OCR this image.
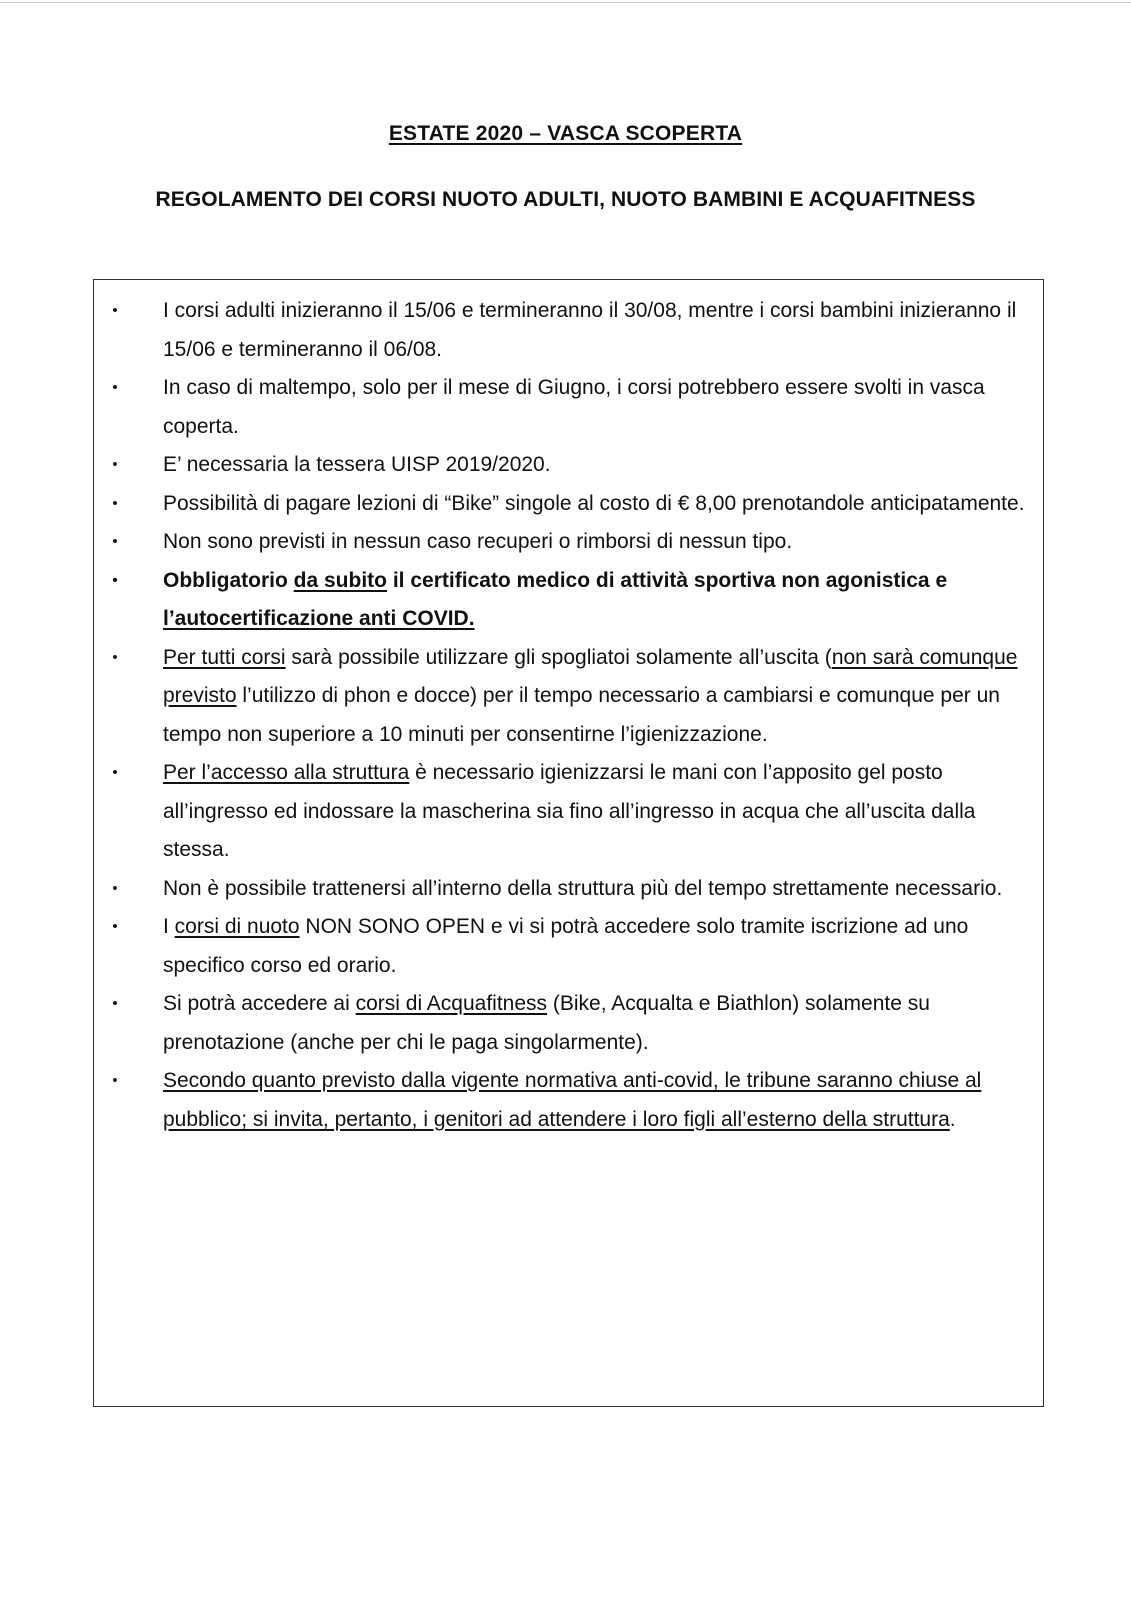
ESTATE 2020 – VASCA SCOPERTA
REGOLAMENTO DEI CORSI NUOTO ADULTI, NUOTO BAMBINI E ACQUAFITNESS
• I corsi adulti inizieranno il 15/06 e termineranno il 30/08, mentre i corsi bambini inizieranno il 15/06 e termineranno il 06/08.
• In caso di maltempo, solo per il mese di Giugno, i corsi potrebbero essere svolti in vasca coperta.
• E’ necessaria la tessera UISP 2019/2020.
• Possibilità di pagare lezioni di “Bike” singole al costo di € 8,00 prenotandole anticipatamente.
• Non sono previsti in nessun caso recuperi o rimborsi di nessun tipo.
• Obbligatorio da subito il certificato medico di attività sportiva non agonistica e l’autocertificazione anti COVID.
• Per tutti corsi sarà possibile utilizzare gli spogliatoi solamente all’uscita (non sarà comunque previsto l’utilizzo di phon e docce) per il tempo necessario a cambiarsi e comunque per un tempo non superiore a 10 minuti per consentirne l’igienizzazione.
• Per l’accesso alla struttura è necessario igienizzarsi le mani con l’apposito gel posto all’ingresso ed indossare la mascherina sia fino all’ingresso in acqua che all’uscita dalla stessa.
• Non è possibile trattenersi all’interno della struttura più del tempo strettamente necessario.
• I corsi di nuoto NON SONO OPEN e vi si potrà accedere solo tramite iscrizione ad uno specifico corso ed orario.
• Si potrà accedere ai corsi di Acquafitness (Bike, Acqualta e Biathlon) solamente su prenotazione (anche per chi le paga singolarmente).
• Secondo quanto previsto dalla vigente normativa anti-covid, le tribune saranno chiuse al pubblico; si invita, pertanto, i genitori ad attendere i loro figli all’esterno della struttura.
